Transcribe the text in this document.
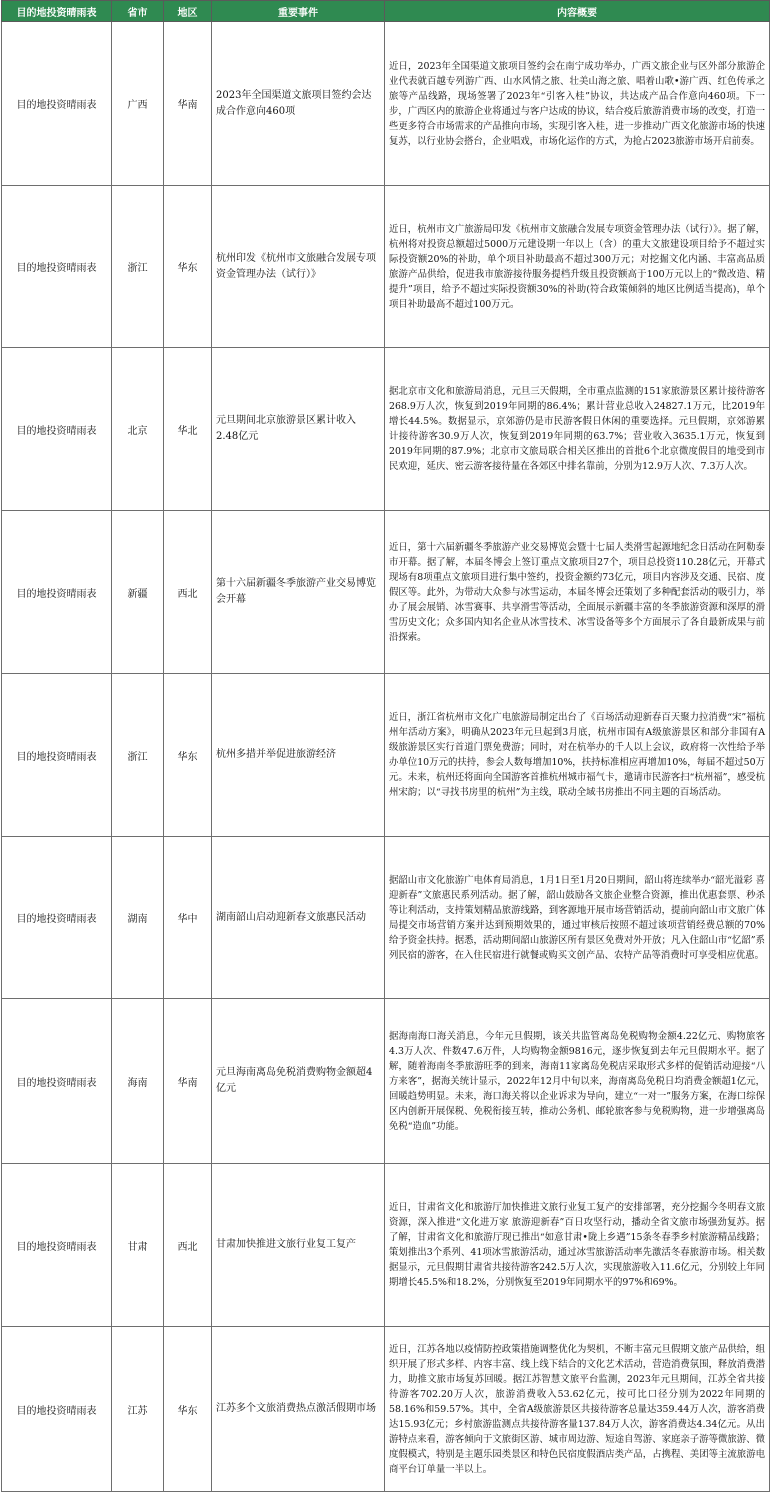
目的地投资晴雨表	省市	地区	重要事件	内容概要
目的地投资晴雨表	广西	华南	2023年全国渠道文旅项目签约会达成合作意向460项	近日，2023年全国渠道文旅项目签约会在南宁成功举办，广西文旅企业与区外部分旅游企业代表就百越专列游广西、山水风情之旅、壮美山海之旅、唱着山歌•游广西、红色传承之旅等产品线路，现场签署了2023年“引客入桂”协议，共达成产品合作意向460项。下一步，广西区内的旅游企业将通过与客户达成的协议，结合疫后旅游消费市场的改变，打造一些更多符合市场需求的产品推向市场，实现引客入桂，进一步推动广西文化旅游市场的快速复苏，以行业协会搭台，企业唱戏，市场化运作的方式，为抢占2023旅游市场开启前奏。
目的地投资晴雨表	浙江	华东	杭州印发《杭州市文旅融合发展专项资金管理办法（试行）》	近日，杭州市文广旅游局印发《杭州市文旅融合发展专项资金管理办法（试行）》。据了解，杭州将对投资总额超过5000万元建设期一年以上（含）的重大文旅建设项目给予不超过实际投资额20%的补助，单个项目补助最高不超过300万元；对挖掘文化内涵、丰富高品质旅游产品供给，促进我市旅游接待服务提档升级且投资额高于100万元以上的“微改造、精提升”项目，给予不超过实际投资额30%的补助(符合政策倾斜的地区比例适当提高)，单个项目补助最高不超过100万元。
目的地投资晴雨表	北京	华北	元旦期间北京旅游景区累计收入2.48亿元	据北京市文化和旅游局消息，元旦三天假期，全市重点监测的151家旅游景区累计接待游客268.9万人次，恢复到2019年同期的86.4%；累计营业总收入24827.1万元，比2019年增长44.5%。数据显示，京郊游仍是市民游客假日休闲的重要选择。元旦假期，京郊游累计接待游客30.9万人次，恢复到2019年同期的63.7%；营业收入3635.1万元，恢复到2019年同期的87.9%；北京市文旅局联合相关区推出的首批6个北京微度假目的地受到市民欢迎，延庆、密云游客接待量在各郊区中排名靠前，分别为12.9万人次、7.3万人次。
目的地投资晴雨表	新疆	西北	第十六届新疆冬季旅游产业交易博览会开幕	近日，第十六届新疆冬季旅游产业交易博览会暨十七届人类滑雪起源地纪念日活动在阿勒泰市开幕。据了解，本届冬博会上签订重点文旅项目27个，项目总投资110.28亿元，开幕式现场有8项重点文旅项目进行集中签约，投资金额约73亿元，项目内容涉及交通、民宿、度假区等。此外，为带动大众参与冰雪运动，本届冬博会还策划了多种配套活动的吸引力，举办了展会展销、冰雪赛事、共享滑雪等活动，全面展示新疆丰富的冬季旅游资源和深厚的滑雪历史文化；众多国内知名企业从冰雪技术、冰雪设备等多个方面展示了各自最新成果与前沿探索。
目的地投资晴雨表	浙江	华东	杭州多措并举促进旅游经济	近日，浙江省杭州市文化广电旅游局制定出台了《百场活动迎新春百天聚力拉消费“宋”福杭州年活动方案》，明确从2023年元旦起到3月底，杭州市国有A级旅游景区和部分非国有A级旅游景区实行首道门票免费游；同时，对在杭举办的千人以上会议，政府将一次性给予举办单位10万元的扶持，参会人数每增加10%，扶持标准相应再增加10%，每届不超过50万元。未来，杭州还将面向全国游客首推杭州城市福气卡，邀请市民游客扫“杭州福”，感受杭州宋韵；以“寻找书房里的杭州”为主线，联动全域书房推出不同主题的百场活动。
目的地投资晴雨表	湖南	华中	湖南韶山启动迎新春文旅惠民活动	据韶山市文化旅游广电体育局消息，1月1日至1月20日期间，韶山将连续举办“韶光溢彩 喜迎新春”文旅惠民系列活动。据了解，韶山鼓励各文旅企业整合资源，推出优惠套票、秒杀等让利活动，支持策划精品旅游线路，到客源地开展市场营销活动，提前向韶山市文旅广体局提交市场营销方案并达到预期效果的，通过审核后按照不超过该项营销经费总额的70%给予资金扶持。据悉，活动期间韶山旅游区所有景区免费对外开放；凡入住韶山市“忆韶”系列民宿的游客，在入住民宿进行就餐或购买文创产品、农特产品等消费时可享受相应优惠。
目的地投资晴雨表	海南	华南	元旦海南离岛免税消费购物金额超4亿元	据海南海口海关消息，今年元旦假期，该关共监管离岛免税购物金额4.22亿元、购物旅客4.3万人次、件数47.6万件，人均购物金额9816元，逐步恢复到去年元旦假期水平。据了解，随着海南冬季旅游旺季的到来，海南11家离岛免税店采取形式多样的促销活动迎接“八方来客”，据海关统计显示，2022年12月中旬以来，海南离岛免税日均消费金额超1亿元，回暖趋势明显。未来，海口海关将以企业诉求为导向，建立“一对一”服务方案，在海口综保区内创新开展保税、免税衔接互转，推动公务机、邮轮旅客参与免税购物，进一步增强离岛免税“造血”功能。
目的地投资晴雨表	甘肃	西北	甘肃加快推进文旅行业复工复产	近日，甘肃省文化和旅游厅加快推进文旅行业复工复产的安排部署，充分挖掘今冬明春文旅资源，深入推进“文化进万家 旅游迎新春”百日攻坚行动，播动全省文旅市场强劲复苏。据了解，甘肃省文化和旅游厅现已推出“如意甘肃•陇上乡遇”15条冬春季乡村旅游精品线路；策划推出3个系列、41项冰雪旅游活动，通过冰雪旅游活动率先激活冬春旅游市场。相关数据显示，元旦假期甘肃省共接待游客242.5万人次，实现旅游收入11.6亿元，分别较上年同期增长45.5%和18.2%，分别恢复至2019年同期水平的97%和69%。
目的地投资晴雨表	江苏	华东	江苏多个文旅消费热点激活假期市场	近日，江苏各地以疫情防控政策措施调整优化为契机，不断丰富元旦假期文旅产品供给，组织开展了形式多样、内容丰富、线上线下结合的文化艺术活动，营造消费氛围，释放消费潜力，助推文旅市场复苏回暖。据江苏智慧文旅平台监测，2023年元旦期间，江苏全省共接待游客702.20万人次，旅游消费收入53.62亿元，按可比口径分别为2022年同期的58.16%和59.57%。其中，全省A级旅游景区共接待游客总量达359.44万人次，游客消费达15.93亿元；乡村旅游监测点共接待游客量137.84万人次，游客消费达4.34亿元。从出游特点来看，游客倾向于文旅街区游、城市周边游、短途自驾游、家庭亲子游等微旅游、微度假模式，特别是主题乐园类景区和特色民宿度假酒店类产品，占携程、美团等主流旅游电商平台订单量一半以上。
